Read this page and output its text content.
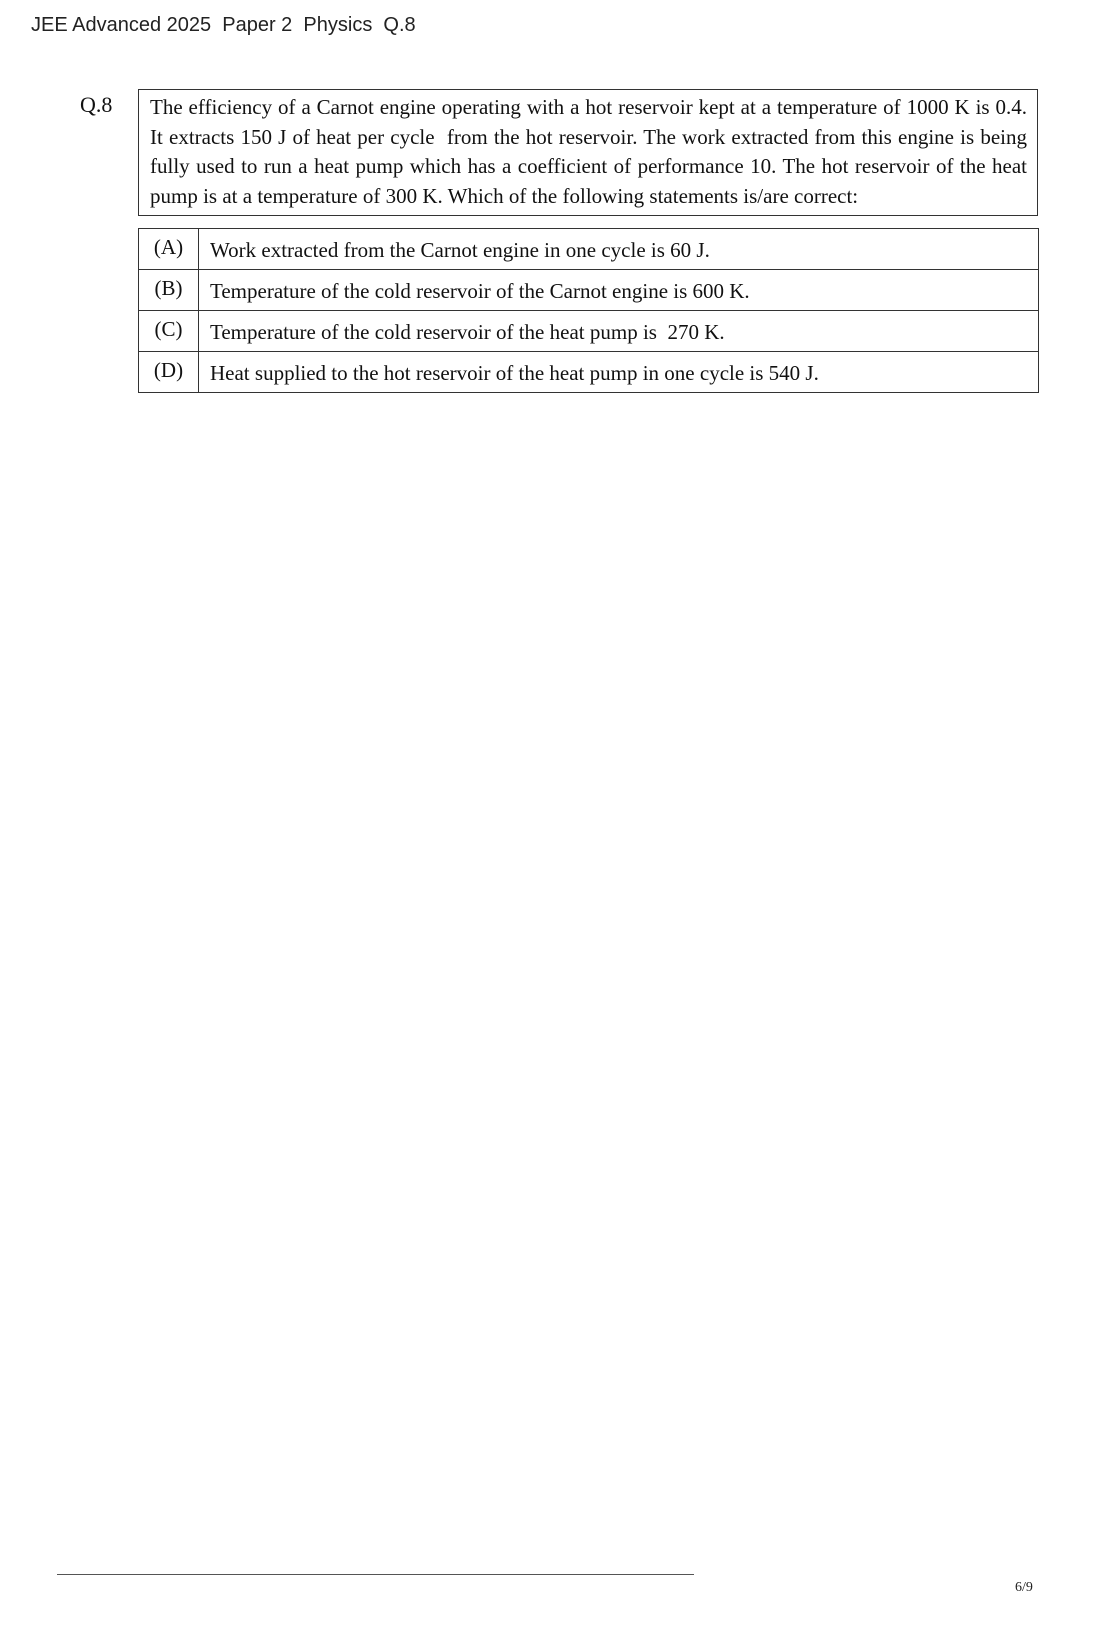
JEE Advanced 2025  Paper 2  Physics  Q.8
Q.8	The efficiency of a Carnot engine operating with a hot reservoir kept at a temperature of 1000 K is 0.4. It extracts 150 J of heat per cycle  from the hot reservoir. The work extracted from this engine is being fully used to run a heat pump which has a coefficient of performance 10. The hot reservoir of the heat pump is at a temperature of 300 K. Which of the following statements is/are correct:
(A)	Work extracted from the Carnot engine in one cycle is 60 J.
(B)	Temperature of the cold reservoir of the Carnot engine is 600 K.
(C)	Temperature of the cold reservoir of the heat pump is  270 K.
(D)	Heat supplied to the hot reservoir of the heat pump in one cycle is 540 J.
6/9
